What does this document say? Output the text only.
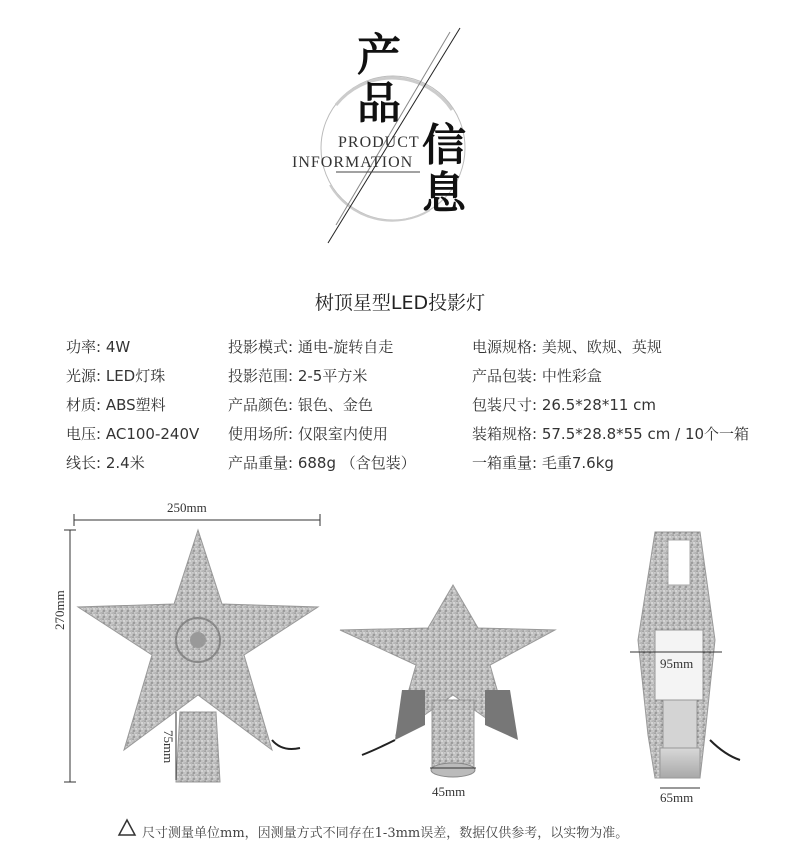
产
品
信
息
PRODUCT
INFORMATION
树顶星型LED投影灯
功率: 4W
光源: LED灯珠
材质: ABS塑料
电压: AC100-240V
线长: 2.4米
投影模式: 通电-旋转自走
投影范围: 2-5平方米
产品颜色: 银色、金色
使用场所: 仅限室内使用
产品重量: 688g （含包装）
电源规格: 美规、欧规、英规
产品包装: 中性彩盒
包装尺寸: 26.5*28*11 cm
装箱规格: 57.5*28.8*55 cm / 10个一箱
一箱重量: 毛重7.6kg
250mm
270mm
75mm
45mm
95mm
65mm
尺寸测量单位mm，因测量方式不同存在1-3mm误差，数据仅供参考，以实物为准。
